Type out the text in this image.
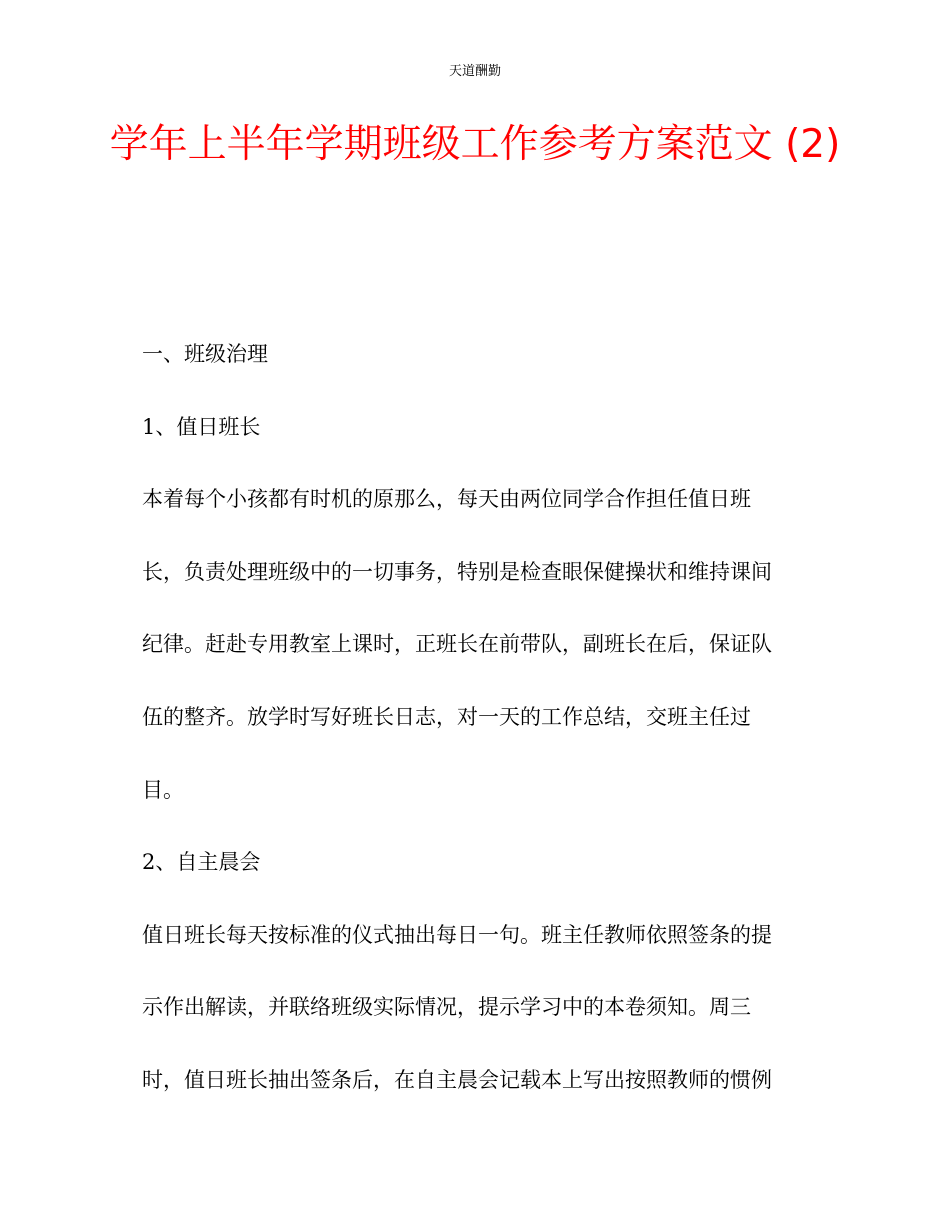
天道酬勤
学年上半年学期班级工作参考方案范文 (2)
一、班级治理
1、值日班长
本着每个小孩都有时机的原那么，每天由两位同学合作担任值日班
长，负责处理班级中的一切事务，特别是检查眼保健操状和维持课间
纪律。赶赴专用教室上课时，正班长在前带队，副班长在后，保证队
伍的整齐。放学时写好班长日志，对一天的工作总结，交班主任过
目。
2、自主晨会
值日班长每天按标准的仪式抽出每日一句。班主任教师依照签条的提
示作出解读，并联络班级实际情况，提示学习中的本卷须知。周三
时，值日班长抽出签条后，在自主晨会记载本上写出按照教师的惯例
